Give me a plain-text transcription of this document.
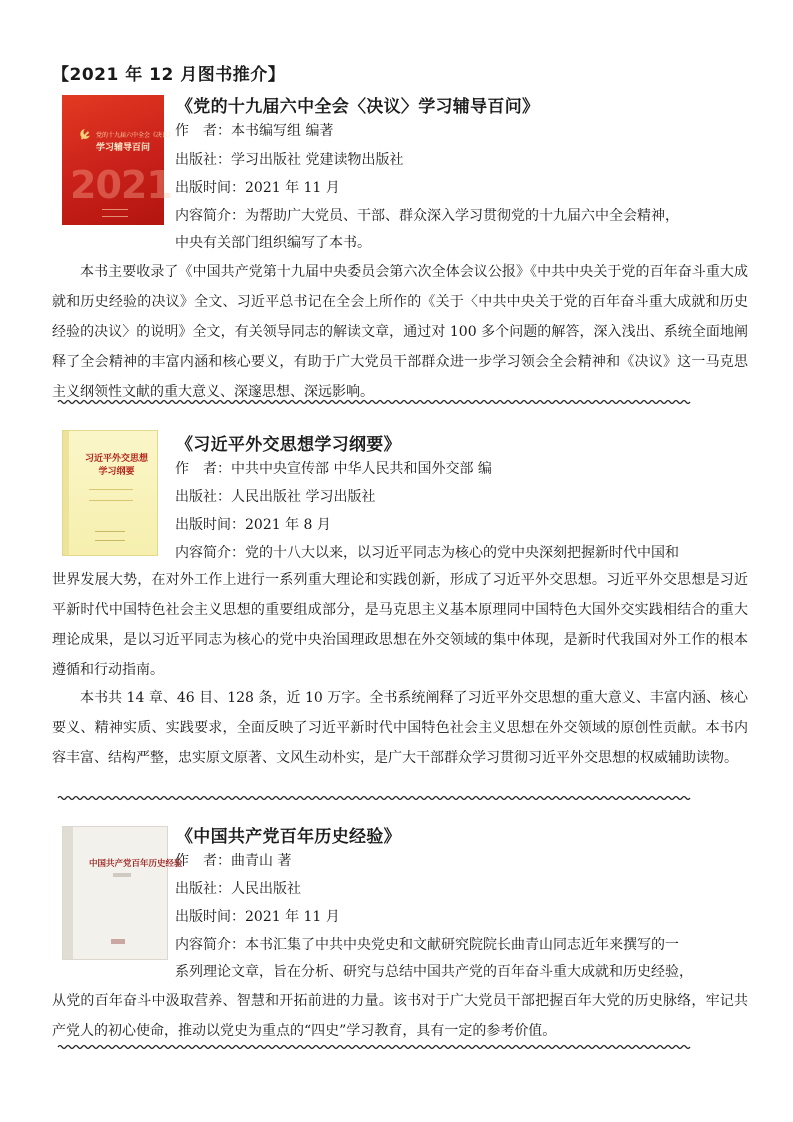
【2021 年 12 月图书推介】
党的十九届六中全会《决议》
学习辅导百问
2021
《党的十九届六中全会〈决议〉学习辅导百问》
作　者：本书编写组 编著
出版社：学习出版社 党建读物出版社
出版时间：2021 年 11 月
内容简介：为帮助广大党员、干部、群众深入学习贯彻党的十九届六中全会精神，

中央有关部门组织编写了本书。

本书主要收录了《中国共产党第十九届中央委员会第六次全体会议公报》《中共中央关于党的百年奋斗重大成就和历史经验的决议》全文、习近平总书记在全会上所作的《关于〈中共中央关于党的百年奋斗重大成就和历史经验的决议〉的说明》全文，有关领导同志的解读文章，通过对 100 多个问题的解答，深入浅出、系统全面地阐释了全会精神的丰富内涵和核心要义，有助于广大党员干部群众进一步学习领会全会精神和《决议》这一马克思主义纲领性文献的重大意义、深邃思想、深远影响。

习近平外交思想
学习纲要
《习近平外交思想学习纲要》
作　者：中共中央宣传部 中华人民共和国外交部 编
出版社：人民出版社 学习出版社
出版时间：2021 年 8 月
内容简介：党的十八大以来，以习近平同志为核心的党中央深刻把握新时代中国和

世界发展大势，在对外工作上进行一系列重大理论和实践创新，形成了习近平外交思想。习近平外交思想是习近平新时代中国特色社会主义思想的重要组成部分，是马克思主义基本原理同中国特色大国外交实践相结合的重大理论成果，是以习近平同志为核心的党中央治国理政思想在外交领域的集中体现，是新时代我国对外工作的根本遵循和行动指南。

本书共 14 章、46 目、128 条，近 10 万字。全书系统阐释了习近平外交思想的重大意义、丰富内涵、核心要义、精神实质、实践要求，全面反映了习近平新时代中国特色社会主义思想在外交领域的原创性贡献。本书内容丰富、结构严整，忠实原文原著、文风生动朴实，是广大干部群众学习贯彻习近平外交思想的权威辅助读物。

中国共产党百年历史经验
《中国共产党百年历史经验》
作　者：曲青山 著
出版社：人民出版社
出版时间：2021 年 11 月
内容简介：本书汇集了中共中央党史和文献研究院院长曲青山同志近年来撰写的一

系列理论文章，旨在分析、研究与总结中国共产党的百年奋斗重大成就和历史经验，

从党的百年奋斗中汲取营养、智慧和开拓前进的力量。该书对于广大党员干部把握百年大党的历史脉络，牢记共产党人的初心使命，推动以党史为重点的“四史”学习教育，具有一定的参考价值。
